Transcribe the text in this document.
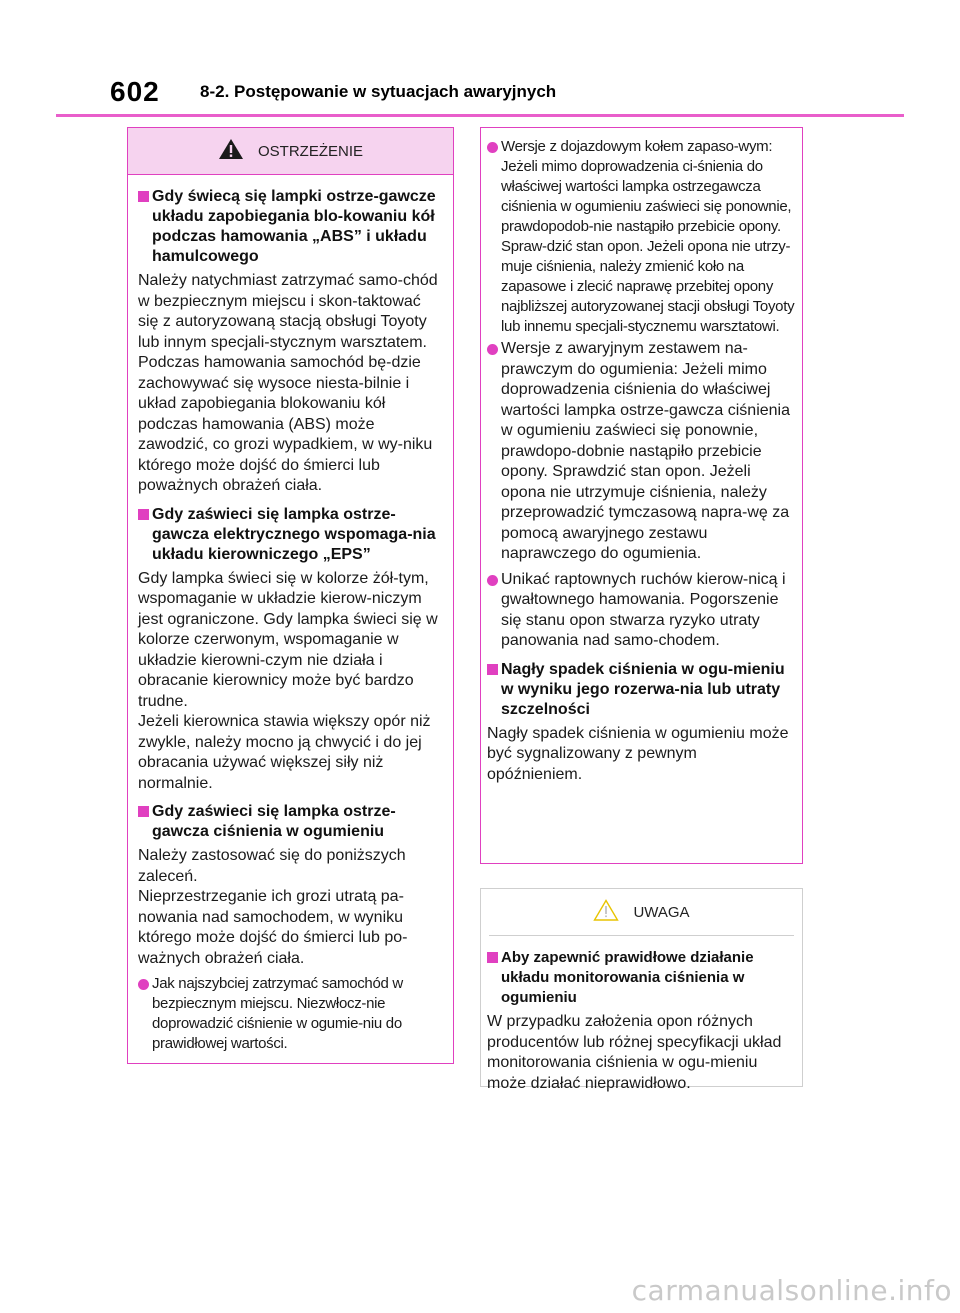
602 8-2. Postępowanie w sytuacjach awaryjnych
OSTRZEŻENIE
Gdy świecą się lampki ostrze-gawcze układu zapobiegania blo-kowaniu kół podczas hamowania „ABS” i układu hamulcowego
Należy natychmiast zatrzymać samo-chód w bezpiecznym miejscu i skon-taktować się z autoryzowaną stacją obsługi Toyoty lub innym specjali-stycznym warsztatem.
Podczas hamowania samochód bę-dzie zachowywać się wysoce niesta-bilnie i układ zapobiegania blokowaniu kół podczas hamowania (ABS) może zawodzić, co grozi wypadkiem, w wy-niku którego może dojść do śmierci lub poważnych obrażeń ciała.
Gdy zaświeci się lampka ostrze-gawcza elektrycznego wspomaga-nia układu kierowniczego „EPS”
Gdy lampka świeci się w kolorze żół-tym, wspomaganie w układzie kierow-niczym jest ograniczone. Gdy lampka świeci się w kolorze czerwonym, wspomaganie w układzie kierowni-czym nie działa i obracanie kierownicy może być bardzo trudne.
Jeżeli kierownica stawia większy opór niż zwykle, należy mocno ją chwycić i do jej obracania używać większej siły niż normalnie.
Gdy zaświeci się lampka ostrze-gawcza ciśnienia w ogumieniu
Należy zastosować się do poniższych zaleceń.
Nieprzestrzeganie ich grozi utratą pa-nowania nad samochodem, w wyniku którego może dojść do śmierci lub po-ważnych obrażeń ciała.
Jak najszybciej zatrzymać samochód w bezpiecznym miejscu. Niezwłocz-nie doprowadzić ciśnienie w ogumie-niu do prawidłowej wartości.
Wersje z dojazdowym kołem zapaso-wym: Jeżeli mimo doprowadzenia ci-śnienia do właściwej wartości lampka ostrzegawcza ciśnienia w ogumieniu zaświeci się ponownie, prawdopodob-nie nastąpiło przebicie opony. Spraw-dzić stan opon. Jeżeli opona nie utrzy-muje ciśnienia, należy zmienić koło na zapasowe i zlecić naprawę przebitej opony najbliższej autoryzowanej stacji obsługi Toyoty lub innemu specjali-stycznemu warsztatowi.
Wersje z awaryjnym zestawem na-prawczym do ogumienia: Jeżeli mimo doprowadzenia ciśnienia do właściwej wartości lampka ostrze-gawcza ciśnienia w ogumieniu zaświeci się ponownie, prawdopo-dobnie nastąpiło przebicie opony. Sprawdzić stan opon. Jeżeli opona nie utrzymuje ciśnienia, należy przeprowadzić tymczasową napra-wę za pomocą awaryjnego zestawu naprawczego do ogumienia.
Unikać raptownych ruchów kierow-nicą i gwałtownego hamowania. Pogorszenie się stanu opon stwarza ryzyko utraty panowania nad samo-chodem.
Nagły spadek ciśnienia w ogu-mieniu w wyniku jego rozerwa-nia lub utraty szczelności
Nagły spadek ciśnienia w ogumieniu może być sygnalizowany z pewnym opóźnieniem.
UWAGA
Aby zapewnić prawidłowe działanie układu monitorowania ciśnienia w ogumieniu
W przypadku założenia opon różnych producentów lub różnej specyfikacji układ monitorowania ciśnienia w ogu-mieniu może działać nieprawidłowo.
carmanualsonline.info
